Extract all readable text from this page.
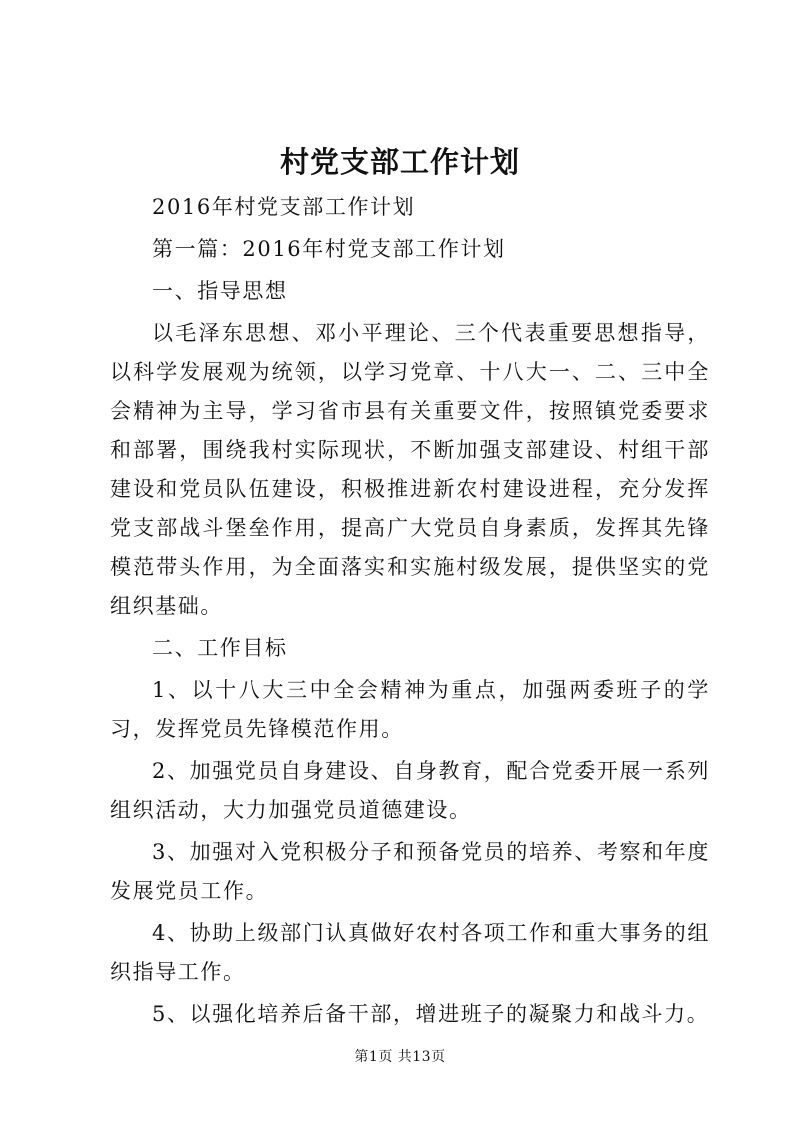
村党支部工作计划

2016年村党支部工作计划

第一篇：2016年村党支部工作计划

一、指导思想

以毛泽东思想、邓小平理论、三个代表重要思想指导，以科学发展观为统领，以学习党章、十八大一、二、三中全会精神为主导，学习省市县有关重要文件，按照镇党委要求和部署，围绕我村实际现状，不断加强支部建设、村组干部建设和党员队伍建设，积极推进新农村建设进程，充分发挥党支部战斗堡垒作用，提高广大党员自身素质，发挥其先锋模范带头作用，为全面落实和实施村级发展，提供坚实的党组织基础。

二、工作目标

1、以十八大三中全会精神为重点，加强两委班子的学习，发挥党员先锋模范作用。

2、加强党员自身建设、自身教育，配合党委开展一系列组织活动，大力加强党员道德建设。

3、加强对入党积极分子和预备党员的培养、考察和年度发展党员工作。

4、协助上级部门认真做好农村各项工作和重大事务的组织指导工作。

5、以强化培养后备干部，增进班子的凝聚力和战斗力。

第1页 共13页
